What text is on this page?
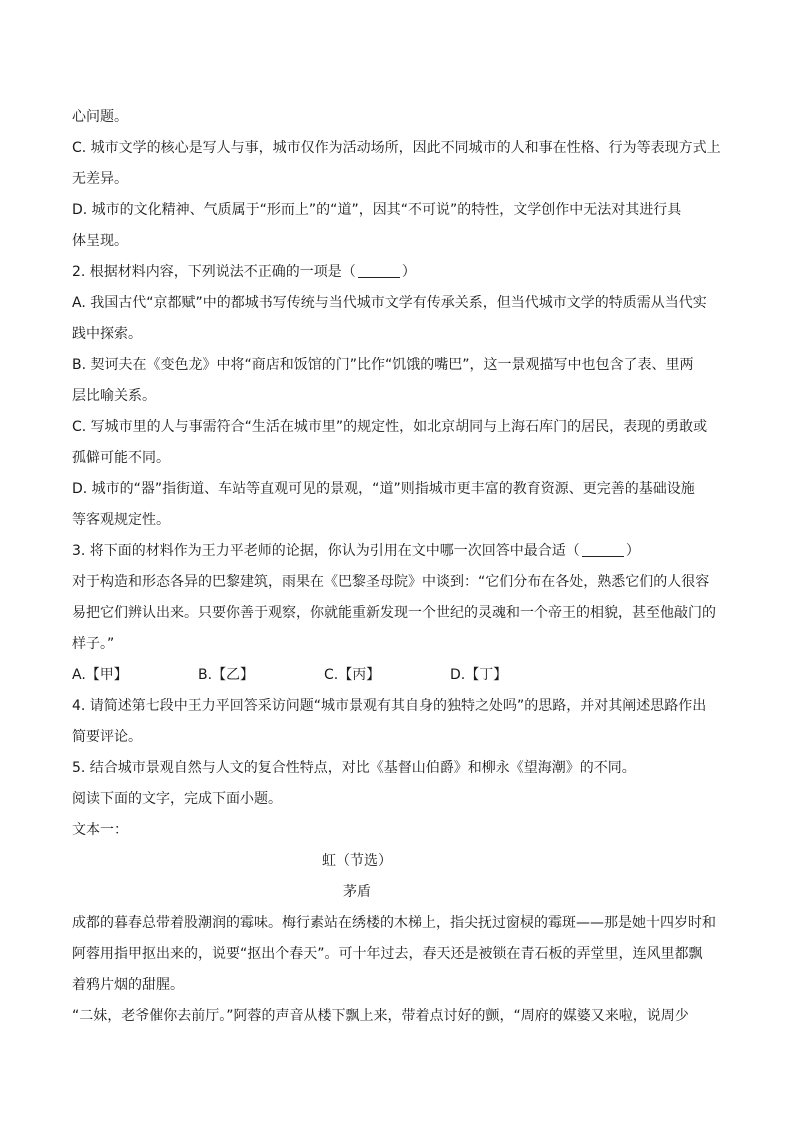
心问题。
C. 城市文学的核心是写人与事，城市仅作为活动场所，因此不同城市的人和事在性格、行为等表现方式上
无差异。
D. 城市的文化精神、气质属于“形而上”的“道”，因其“不可说”的特性，文学创作中无法对其进行具
体呈现。
2. 根据材料内容，下列说法不正确的一项是（	）
A. 我国古代“京都赋”中的都城书写传统与当代城市文学有传承关系，但当代城市文学的特质需从当代实
践中探索。
B. 契诃夫在《变色龙》中将“商店和饭馆的门”比作“饥饿的嘴巴”，这一景观描写中也包含了表、里两
层比喻关系。
C. 写城市里的人与事需符合“生活在城市里”的规定性，如北京胡同与上海石库门的居民，表现的勇敢或
孤僻可能不同。
D. 城市的“器”指街道、车站等直观可见的景观，“道”则指城市更丰富的教育资源、更完善的基础设施
等客观规定性。
3. 将下面的材料作为王力平老师的论据，你认为引用在文中哪一次回答中最合适（	）
对于构造和形态各异的巴黎建筑，雨果在《巴黎圣母院》中谈到：“它们分布在各处，熟悉它们的人很容
易把它们辨认出来。只要你善于观察，你就能重新发现一个世纪的灵魂和一个帝王的相貌，甚至他敲门的
样子。”
A.【甲】	B.【乙】	C.【丙】	D.【丁】
4. 请简述第七段中王力平回答采访问题“城市景观有其自身的独特之处吗”的思路，并对其阐述思路作出
简要评论。
5. 结合城市景观自然与人文的复合性特点，对比《基督山伯爵》和柳永《望海潮》的不同。
阅读下面的文字，完成下面小题。
文本一：
虹（节选）
茅盾
成都的暮春总带着股潮润的霉味。梅行素站在绣楼的木梯上，指尖抚过窗棂的霉斑——那是她十四岁时和
阿蓉用指甲抠出来的，说要“抠出个春天”。可十年过去，春天还是被锁在青石板的弄堂里，连风里都飘
着鸦片烟的甜腥。
“二妹，老爷催你去前厅。”阿蓉的声音从楼下飘上来，带着点讨好的颤，“周府的媒婆又来啦，说周少
